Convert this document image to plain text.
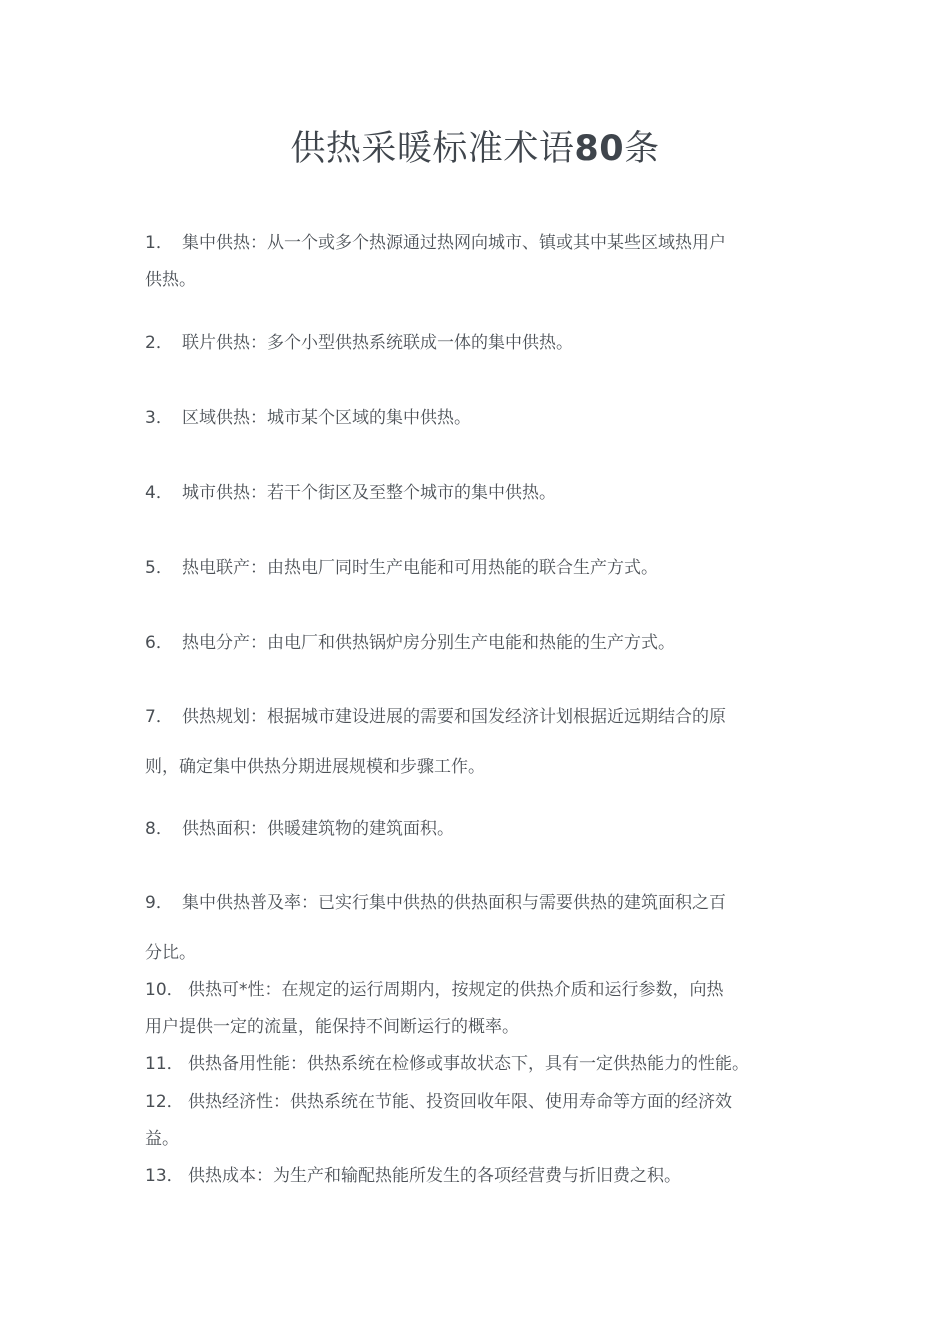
供热采暖标准术语80条
1． 集中供热：从一个或多个热源通过热网向城市、镇或其中某些区域热用户
供热。
2． 联片供热：多个小型供热系统联成一体的集中供热。
3． 区域供热：城市某个区域的集中供热。
4． 城市供热：若干个街区及至整个城市的集中供热。
5． 热电联产：由热电厂同时生产电能和可用热能的联合生产方式。
6． 热电分产：由电厂和供热锅炉房分别生产电能和热能的生产方式。
7． 供热规划：根据城市建设进展的需要和国发经济计划根据近远期结合的原
则，确定集中供热分期进展规模和步骤工作。
8． 供热面积：供暖建筑物的建筑面积。
9． 集中供热普及率：已实行集中供热的供热面积与需要供热的建筑面积之百
分比。
10． 供热可*性：在规定的运行周期内，按规定的供热介质和运行参数，向热
用户提供一定的流量，能保持不间断运行的概率。
11． 供热备用性能：供热系统在检修或事故状态下，具有一定供热能力的性能。
12． 供热经济性：供热系统在节能、投资回收年限、使用寿命等方面的经济效
益。
13． 供热成本：为生产和输配热能所发生的各项经营费与折旧费之积。
